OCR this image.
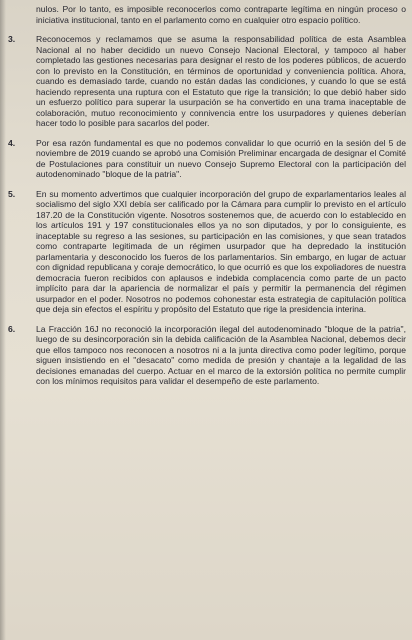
nulos. Por lo tanto, es imposible reconocerlos como contraparte legítima en ningún proceso o iniciativa institucional, tanto en el parlamento como en cualquier otro espacio político.

3.	Reconocemos y reclamamos que se asuma la responsabilidad política de esta Asamblea Nacional al no haber decidido un nuevo Consejo Nacional Electoral, y tampoco al haber completado las gestiones necesarias para designar el resto de los poderes públicos, de acuerdo con lo previsto en la Constitución, en términos de oportunidad y conveniencia política. Ahora, cuando es demasiado tarde, cuando no están dadas las condiciones, y cuando lo que se está haciendo representa una ruptura con el Estatuto que rige la transición; lo que debió haber sido un esfuerzo político para superar la usurpación se ha convertido en una trama inaceptable de colaboración, mutuo reconocimiento y connivencia entre los usurpadores y quienes deberían hacer todo lo posible para sacarlos del poder.
4.	Por esa razón fundamental es que no podemos convalidar lo que ocurrió en la sesión del 5 de noviembre de 2019 cuando se aprobó una Comisión Preliminar encargada de designar el Comité de Postulaciones para constituir un nuevo Consejo Supremo Electoral con la participación del autodenominado "bloque de la patria".
5.	En su momento advertimos que cualquier incorporación del grupo de exparlamentarios leales al socialismo del siglo XXI debía ser calificado por la Cámara para cumplir lo previsto en el artículo 187.20 de la Constitución vigente. Nosotros sostenemos que, de acuerdo con lo establecido en los artículos 191 y 197 constitucionales ellos ya no son diputados, y por lo consiguiente, es inaceptable su regreso a las sesiones, su participación en las comisiones, y que sean tratados como contraparte legitimada de un régimen usurpador que ha depredado la institución parlamentaria y desconocido los fueros de los parlamentarios. Sin embargo, en lugar de actuar con dignidad republicana y coraje democrático, lo que ocurrió es que los expoliadores de nuestra democracia fueron recibidos con aplausos e indebida complacencia como parte de un pacto implícito para dar la apariencia de normalizar el país y permitir la permanencia del régimen usurpador en el poder. Nosotros no podemos cohonestar esta estrategia de capitulación política que deja sin efectos el espíritu y propósito del Estatuto que rige la presidencia interina.
6.	La Fracción 16J no reconoció la incorporación ilegal del autodenominado "bloque de la patria", luego de su desincorporación sin la debida calificación de la Asamblea Nacional, debemos decir que ellos tampoco nos reconocen a nosotros ni a la junta directiva como poder legítimo, porque siguen insistiendo en el "desacato" como medida de presión y chantaje a la legalidad de las decisiones emanadas del cuerpo. Actuar en el marco de la extorsión política no permite cumplir con los mínimos requisitos para validar el desempeño de este parlamento.
